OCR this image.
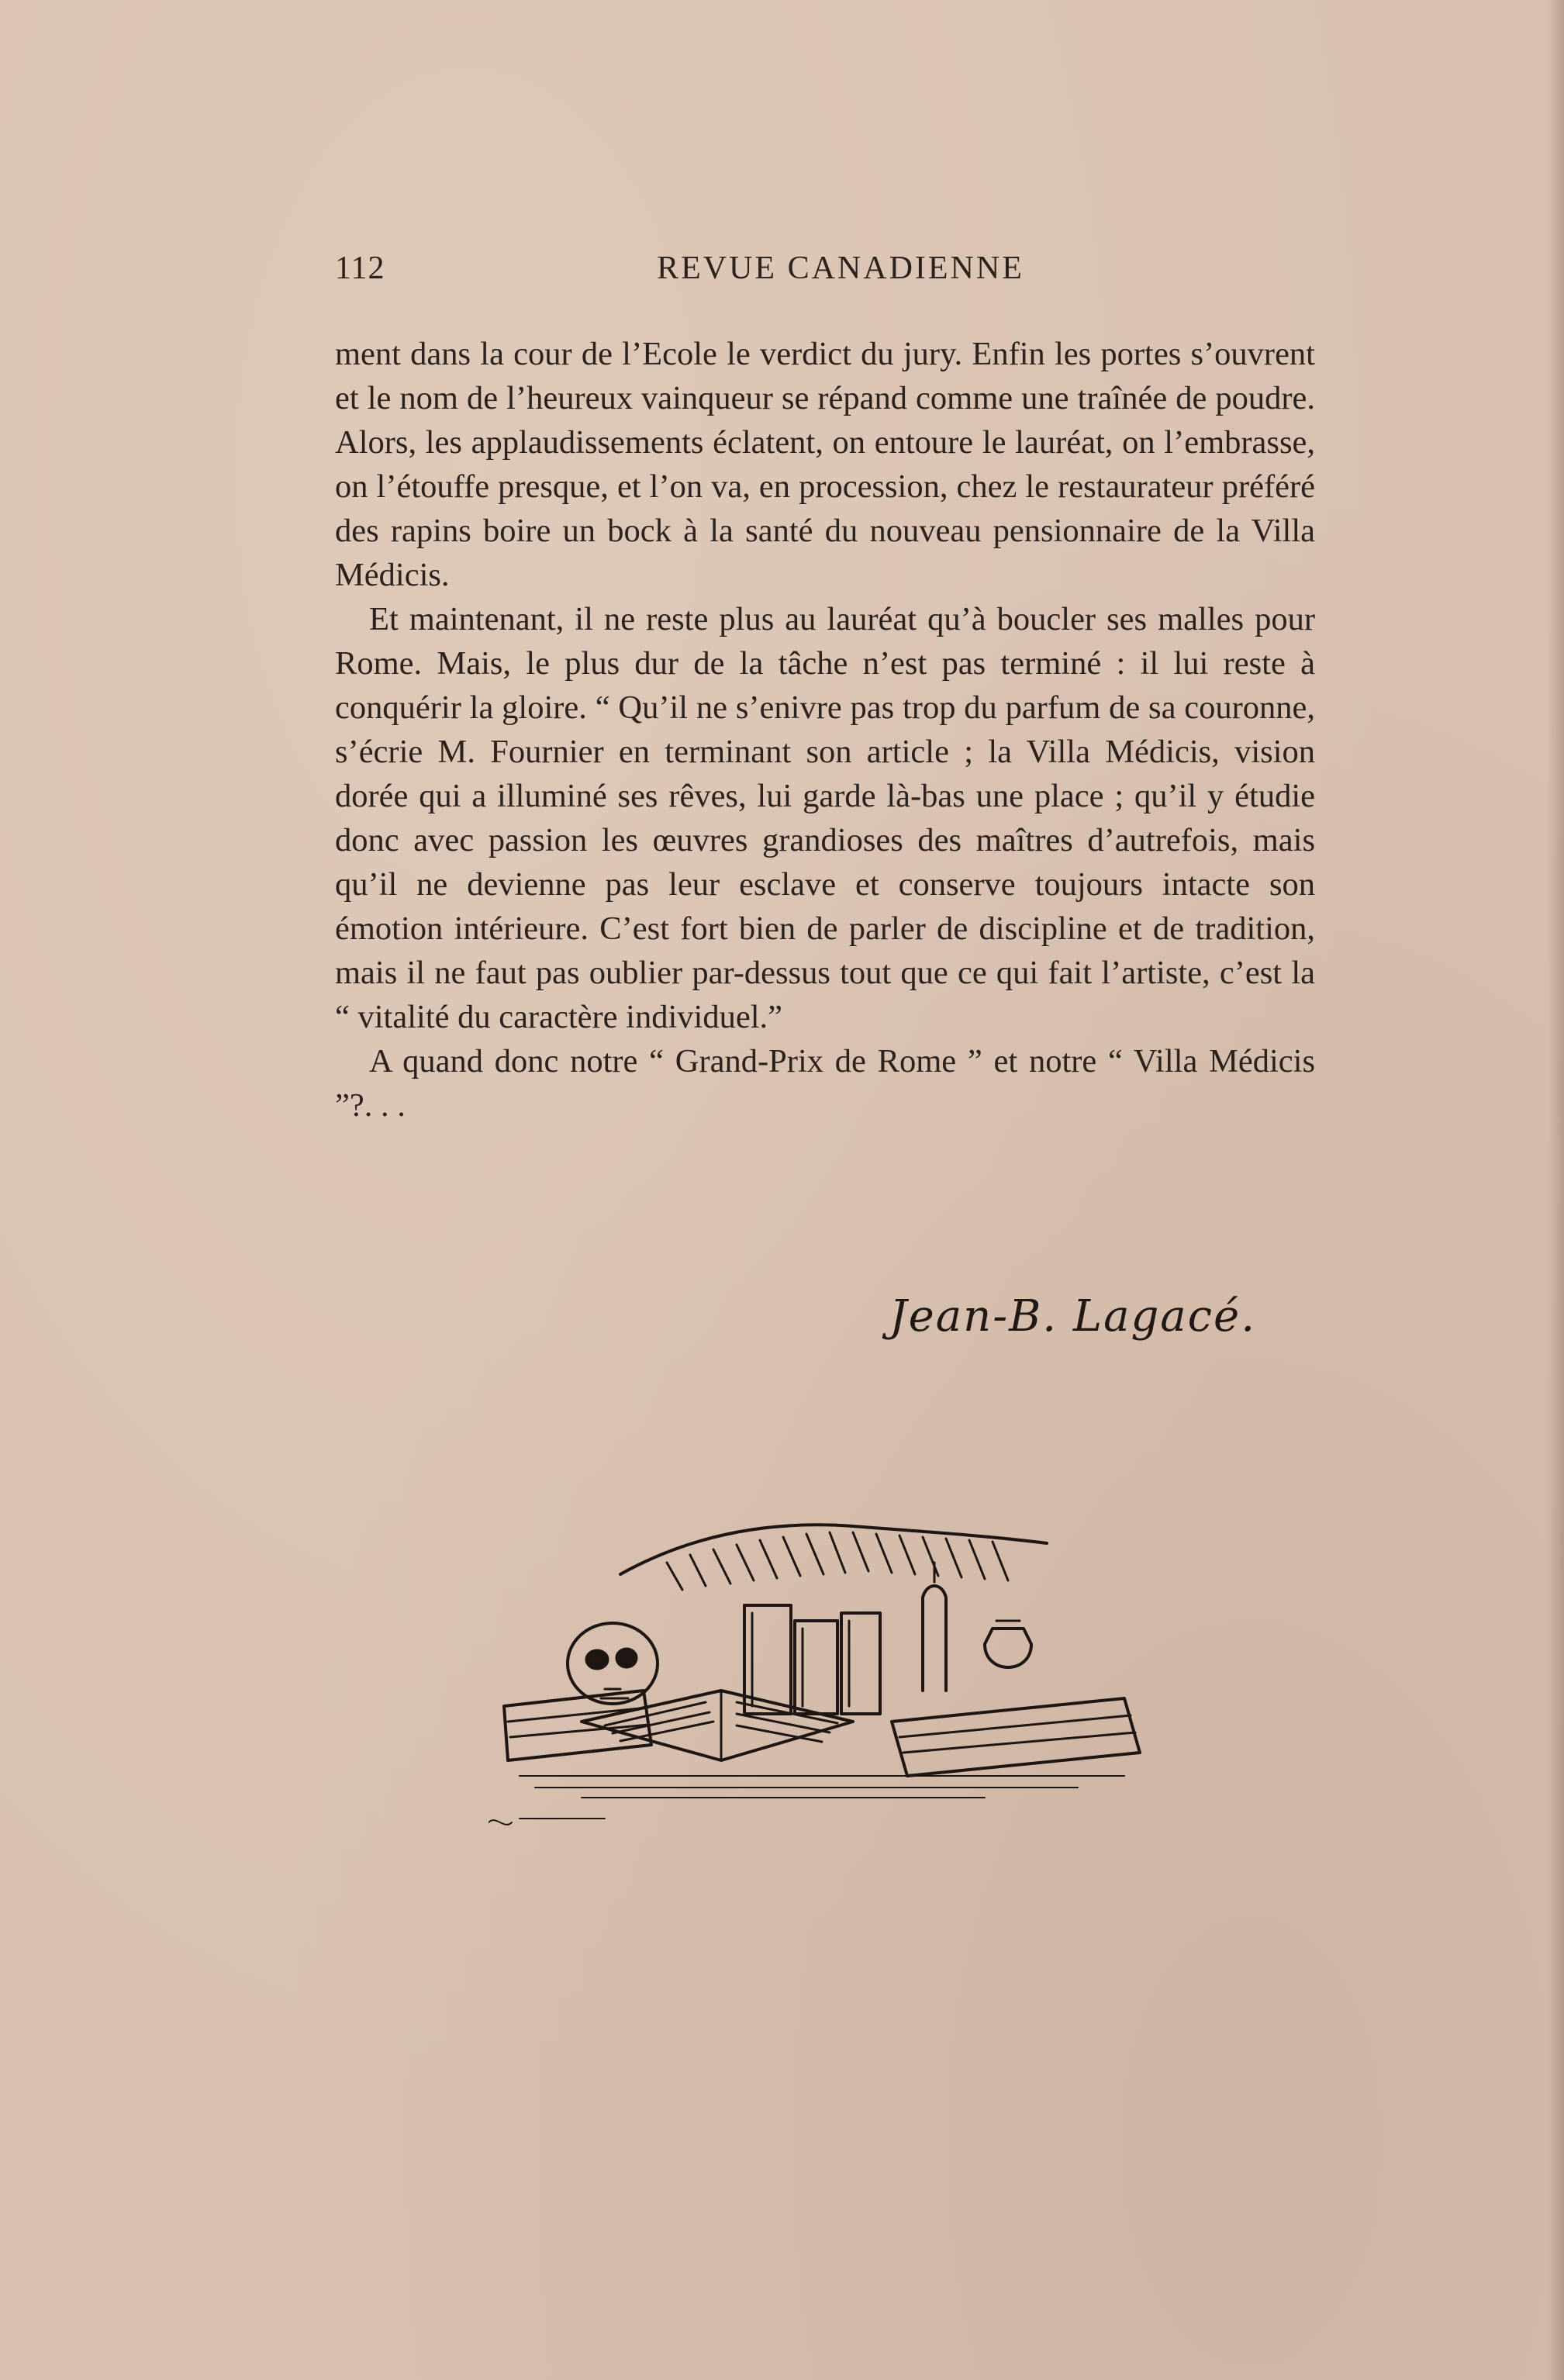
112	REVUE CANADIENNE

ment dans la cour de l’Ecole le verdict du jury. Enfin les portes s’ouvrent et le nom de l’heureux vainqueur se répand comme une traînée de poudre. Alors, les applaudissements éclatent, on entoure le lauréat, on l’embrasse, on l’étouffe presque, et l’on va, en procession, chez le restaurateur préféré des rapins boire un bock à la santé du nouveau pensionnaire de la Villa Médicis.

Et maintenant, il ne reste plus au lauréat qu’à boucler ses malles pour Rome. Mais, le plus dur de la tâche n’est pas terminé : il lui reste à conquérir la gloire. “ Qu’il ne s’enivre pas trop du parfum de sa couronne, s’écrie M. Fournier en terminant son article ; la Villa Médicis, vision dorée qui a illuminé ses rêves, lui garde là-bas une place ; qu’il y étudie donc avec passion les œuvres grandioses des maîtres d’autrefois, mais qu’il ne devienne pas leur esclave et conserve toujours intacte son émotion intérieure. C’est fort bien de parler de discipline et de tradition, mais il ne faut pas oublier par-dessus tout que ce qui fait l’artiste, c’est la “ vitalité du caractère individuel.”

A quand donc notre “ Grand-Prix de Rome ” et notre “ Villa Médicis ”?. . .

Jean-B. Lagacé.
